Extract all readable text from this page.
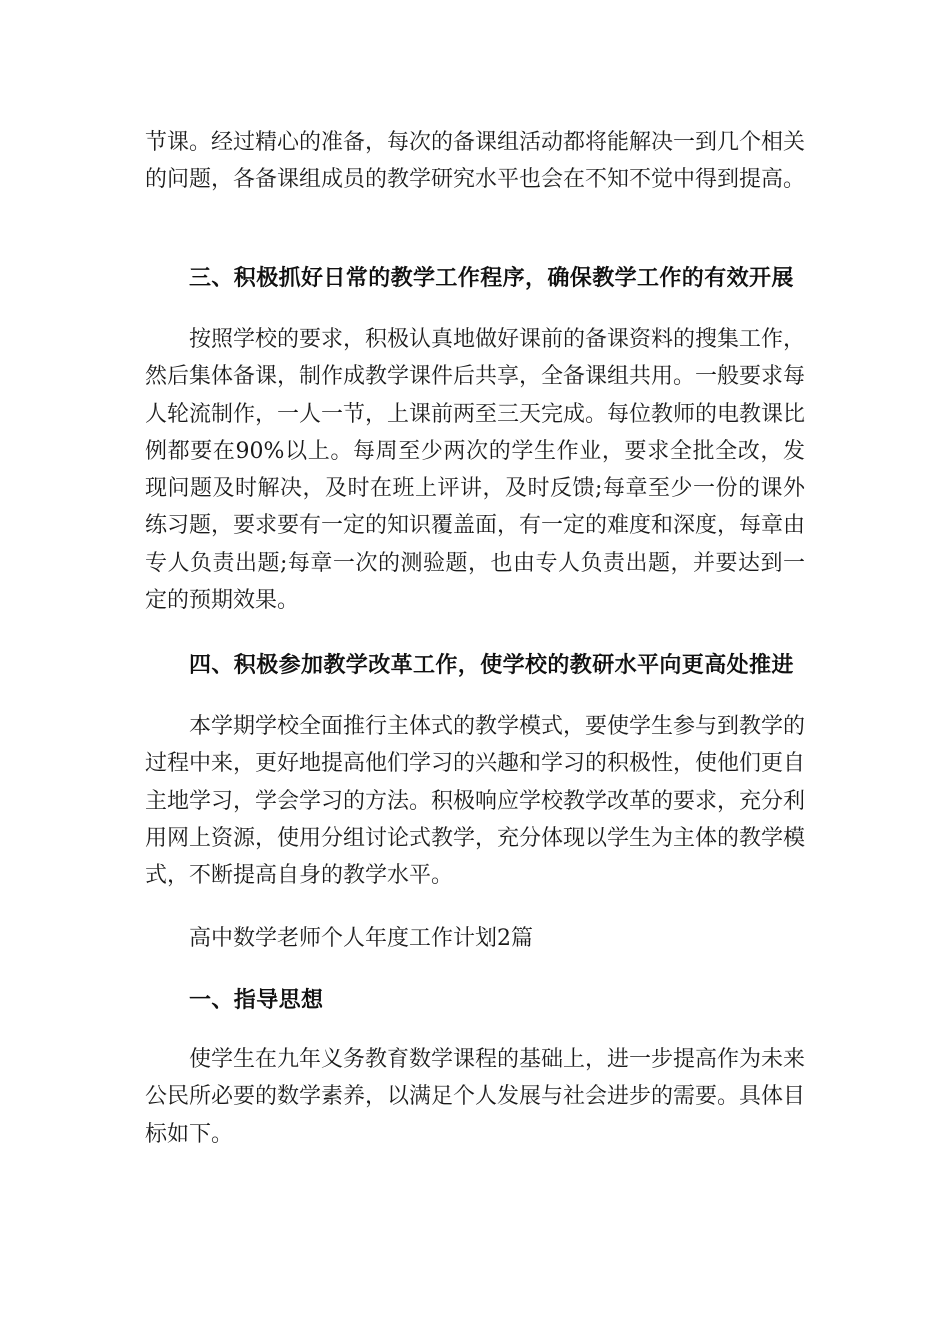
节课。经过精心的准备，每次的备课组活动都将能解决一到几个相关的问题，各备课组成员的教学研究水平也会在不知不觉中得到提高。

三、积极抓好日常的教学工作程序，确保教学工作的有效开展

按照学校的要求，积极认真地做好课前的备课资料的搜集工作，然后集体备课，制作成教学课件后共享，全备课组共用。一般要求每人轮流制作，一人一节，上课前两至三天完成。每位教师的电教课比例都要在90%以上。每周至少两次的学生作业，要求全批全改，发现问题及时解决，及时在班上评讲，及时反馈;每章至少一份的课外练习题，要求要有一定的知识覆盖面，有一定的难度和深度，每章由专人负责出题;每章一次的测验题，也由专人负责出题，并要达到一定的预期效果。

四、积极参加教学改革工作，使学校的教研水平向更高处推进

本学期学校全面推行主体式的教学模式，要使学生参与到教学的过程中来，更好地提高他们学习的兴趣和学习的积极性，使他们更自主地学习，学会学习的方法。积极响应学校教学改革的要求，充分利用网上资源，使用分组讨论式教学，充分体现以学生为主体的教学模式，不断提高自身的教学水平。

高中数学老师个人年度工作计划2篇

一、指导思想

使学生在九年义务教育数学课程的基础上，进一步提高作为未来公民所必要的数学素养，以满足个人发展与社会进步的需要。具体目标如下。
